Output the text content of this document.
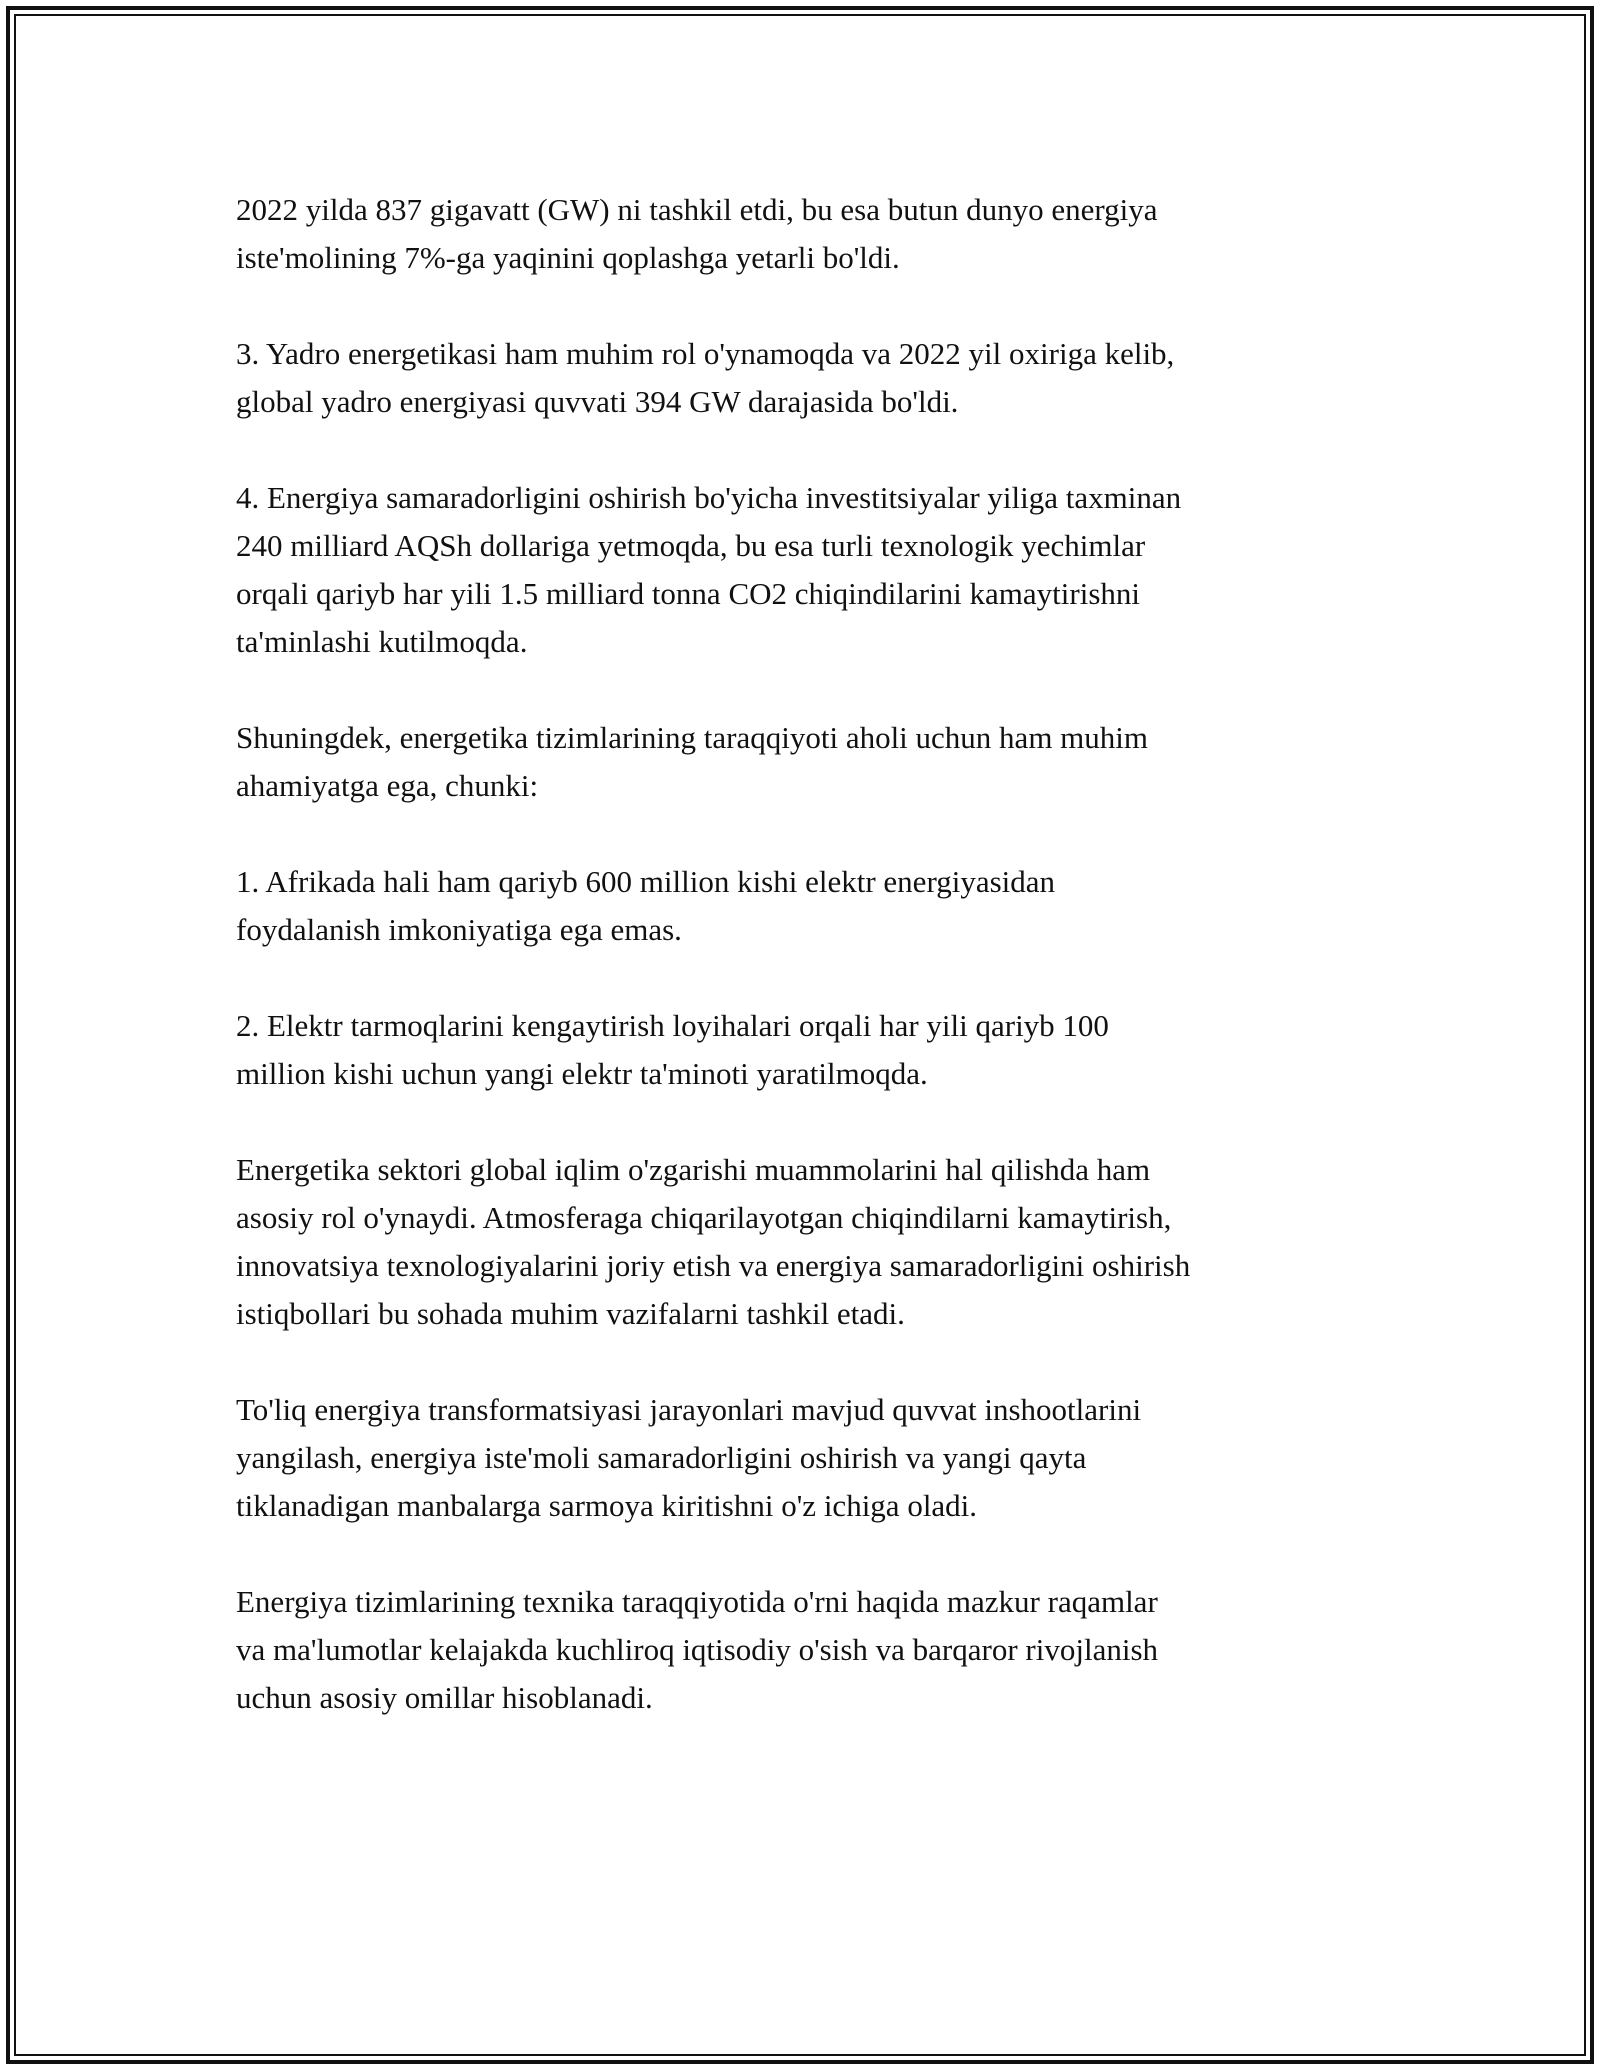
2022 yilda 837 gigavatt (GW) ni tashkil etdi, bu esa butun dunyo energiya
iste'molining 7%-ga yaqinini qoplashga yetarli bo'ldi.

3. Yadro energetikasi ham muhim rol o'ynamoqda va 2022 yil oxiriga kelib,
global yadro energiyasi quvvati 394 GW darajasida bo'ldi.

4. Energiya samaradorligini oshirish bo'yicha investitsiyalar yiliga taxminan
240 milliard AQSh dollariga yetmoqda, bu esa turli texnologik yechimlar
orqali qariyb har yili 1.5 milliard tonna CO2 chiqindilarini kamaytirishni
ta'minlashi kutilmoqda.

Shuningdek, energetika tizimlarining taraqqiyoti aholi uchun ham muhim
ahamiyatga ega, chunki:

1. Afrikada hali ham qariyb 600 million kishi elektr energiyasidan
foydalanish imkoniyatiga ega emas.

2. Elektr tarmoqlarini kengaytirish loyihalari orqali har yili qariyb 100
million kishi uchun yangi elektr ta'minoti yaratilmoqda.

Energetika sektori global iqlim o'zgarishi muammolarini hal qilishda ham
asosiy rol o'ynaydi. Atmosferaga chiqarilayotgan chiqindilarni kamaytirish,
innovatsiya texnologiyalarini joriy etish va energiya samaradorligini oshirish
istiqbollari bu sohada muhim vazifalarni tashkil etadi.

To'liq energiya transformatsiyasi jarayonlari mavjud quvvat inshootlarini
yangilash, energiya iste'moli samaradorligini oshirish va yangi qayta
tiklanadigan manbalarga sarmoya kiritishni o'z ichiga oladi.

Energiya tizimlarining texnika taraqqiyotida o'rni haqida mazkur raqamlar
va ma'lumotlar kelajakda kuchliroq iqtisodiy o'sish va barqaror rivojlanish
uchun asosiy omillar hisoblanadi.
